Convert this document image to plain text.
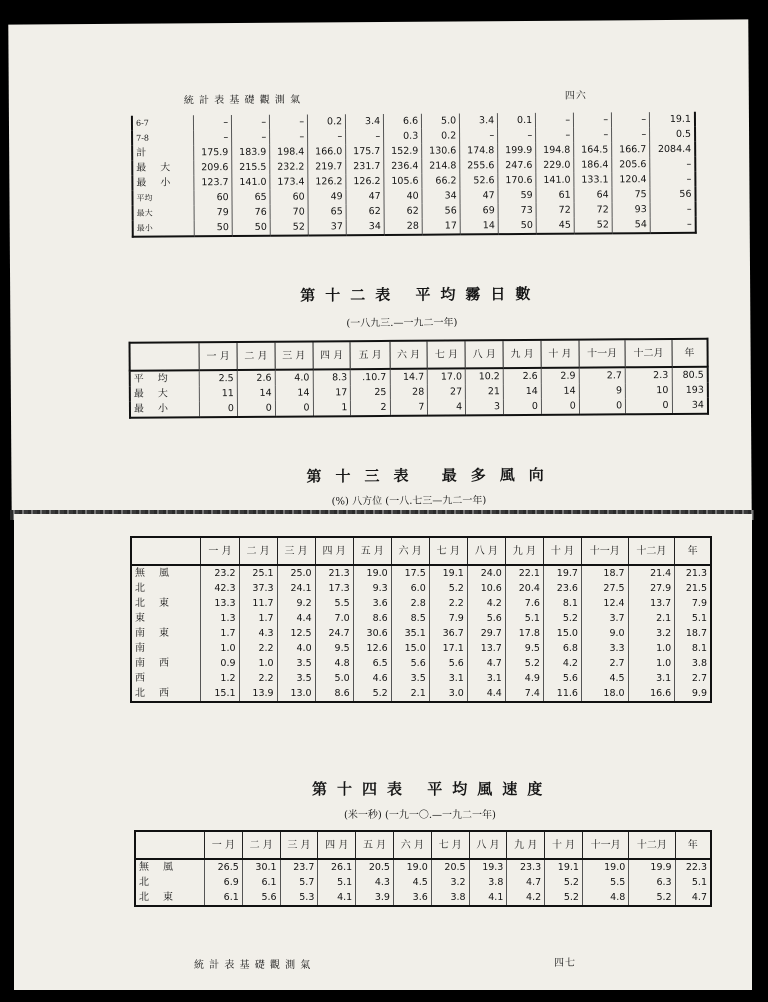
統 計 表 基 礎 觀 測 氣	四六
6-7	–	–	–	0.2	3.4	6.6	5.0	3.4	0.1	–	–	–	19.1
7-8	–	–	–	–	–	0.3	0.2	–	–	–	–	–	0.5
計	175.9	183.9	198.4	166.0	175.7	152.9	130.6	174.8	199.9	194.8	164.5	166.7	2084.4
最大	209.6	215.5	232.2	219.7	231.7	236.4	214.8	255.6	247.6	229.0	186.4	205.6	–
最小	123.7	141.0	173.4	126.2	126.2	105.6	66.2	52.6	170.6	141.0	133.1	120.4	–
平均	60	65	60	49	47	40	34	47	59	61	64	75	56
最大	79	76	70	65	62	62	56	69	73	72	72	93	–
最小	50	50	52	37	34	28	17	14	50	45	52	54	–
第十二表 平均霧日數
(一八九三.—一九二一年)
	一 月	二 月	三 月	四 月	五 月	六 月	七 月	八 月	九 月	十 月	十一月	十二月	年
平均	2.5	2.6	4.0	8.3	.10.7	14.7	17.0	10.2	2.6	2.9	2.7	2.3	80.5
最大	11	14	14	17	25	28	27	21	14	14	9	10	193
最小	0	0	0	1	2	7	4	3	0	0	0	0	34
第十三表 最多風向
(%) 八方位 (一八.七三—九二一年)
	一 月	二 月	三 月	四 月	五 月	六 月	七 月	八 月	九 月	十 月	十一月	十二月	年
無風	23.2	25.1	25.0	21.3	19.0	17.5	19.1	24.0	22.1	19.7	18.7	21.4	21.3
北	42.3	37.3	24.1	17.3	9.3	6.0	5.2	10.6	20.4	23.6	27.5	27.9	21.5
北東	13.3	11.7	9.2	5.5	3.6	2.8	2.2	4.2	7.6	8.1	12.4	13.7	7.9
東	1.3	1.7	4.4	7.0	8.6	8.5	7.9	5.6	5.1	5.2	3.7	2.1	5.1
南東	1.7	4.3	12.5	24.7	30.6	35.1	36.7	29.7	17.8	15.0	9.0	3.2	18.7
南	1.0	2.2	4.0	9.5	12.6	15.0	17.1	13.7	9.5	6.8	3.3	1.0	8.1
南西	0.9	1.0	3.5	4.8	6.5	5.6	5.6	4.7	5.2	4.2	2.7	1.0	3.8
西	1.2	2.2	3.5	5.0	4.6	3.5	3.1	3.1	4.9	5.6	4.5	3.1	2.7
北西	15.1	13.9	13.0	8.6	5.2	2.1	3.0	4.4	7.4	11.6	18.0	16.6	9.9
第十四表 平均風速度
(米一秒) (一九一〇.—一九二一年)
	一 月	二 月	三 月	四 月	五 月	六 月	七 月	八 月	九 月	十 月	十一月	十二月	年
無風	26.5	30.1	23.7	26.1	20.5	19.0	20.5	19.3	23.3	19.1	19.0	19.9	22.3
北	6.9	6.1	5.7	5.1	4.3	4.5	3.2	3.8	4.7	5.2	5.5	6.3	5.1
北東	6.1	5.6	5.3	4.1	3.9	3.6	3.8	4.1	4.2	5.2	4.8	5.2	4.7
統 計 表 基 礎 觀 測 氣	四七
